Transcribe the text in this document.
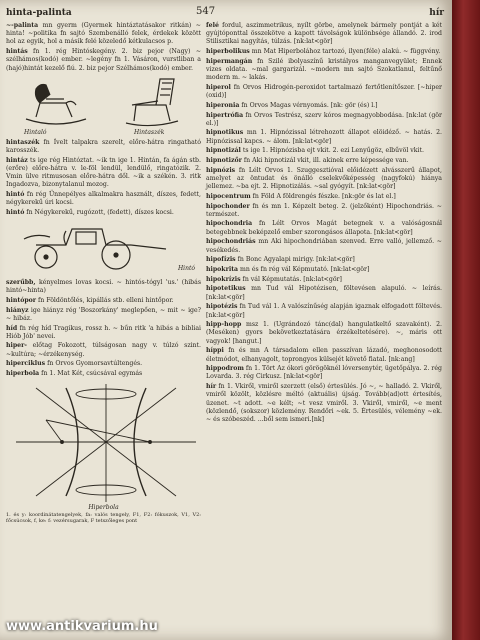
hinta-palinta	547	hír

~-palinta mn gyerm (Gyermek hintáztatásakor ritkán) ~ hinta! ~politika fn sajtó Szembenálló felek, érdekek között hol az egyik, hol a másik felé közeledő kétkulacsos p.

hintás fn 1. rég Hintóskegény. 2. biz pejor (Nagy) ~ szélhámos(kodó) ember. ~legény fn 1. Vásáron, vurstliban a (hajó)hintát kezelő fiú. 2. biz pejor Szélhámos(kodó) ember.

Hintaló	Hintaszék

hintaszék fn Ívelt talpakra szerelt, előre-hátra ringatható karosszék.

hintáz ts ige rég Hintóztat. ~ik tn ige 1. Hintán, fa ágán stb. (erőre) előre-hátra v. le-föl lendül, lendülő, ringatózik. 2. Vmin ülve ritmusosan előre-hátra dől. ~ik a székén. 3. ritk Ingadozva, bizonytalanul mozog.

hintó fn rég Ünnepélyes alkalmakra használt, díszes, fedett, négykerekű úri kocsi.

hintó fn Négykerekű, rugózott, (fedett), díszes kocsi.

Hintó

szerűbb, kényelmes lovas kocsi. ~ hintós-tógyl 'us.' (hibás hintó~hinta)

hintópor fn Földöntőlés, kipállás stb. elleni hintőpor.

hiányz ige hiányz rég 'Boszorkány' meglepően, ~ mit ~ ige? ~ hibáz.

híd fn rég híd Tragikus, rossz h. ~ bűn ritk 'a hibás a bibliai Hiób Jób' nevei.

hiper- előtag Fokozott, túlságosan nagy v. túlzó szint. ~kultúra; ~érzékenység.

hiperciklus fn Orvos Gyomorsavtúltengés.

hiperbola fn 1. Mat Két, csúcsával egymás

Hiperbola
1. és y: koordinátatengelyek, fa: valós tengely, F1, F2: fókuszok, V1, V2: főcsúcsok, f, ke: f: vezérsugarak, F tetszőleges pont

felé fordul, aszimmetrikus, nyílt görbe, amelynek bármely pontját a két gyújtóponttal összekötve a kapott távolságok különbsége állandó. 2. irod Stilisztikai nagyítás, túlzás. [nk:lat<gör]

hiperbolikus mn Mat Hiperbolához tartozó, ilyen(féle) alakú. ~ függvény.

hipermangán fn Szilé ibolyaszínű kristályos manganvegyület; Ennek vizes oldata. ~mal gargarizál. ~modern mn sajtó Szokatlanul, feltűnő modern m. ~ lakás.

hiperol fn Orvos Hidrogén-peroxidot tartalmazó fertőtlenítőszer. [~hiper (oxid)]

hiperonia fn Orvos Magas vérnyomás. [nk: gör (és) l.]

hipertrófia fn Orvos Testrész, szerv kóros megnagyobbodása. [nk:lat (gör el.)]

hipnotikus mn 1. Hipnózissal létrehozott állapot elöidéző. ~ hatás. 2. Hipnózissal kapcs. ~ álom. [nk:lat<gör]

hipnotizál ts ige 1. Hipnózisba ejt vkit. 2. ezi Lenyűgöz, elbűvöl vkit.

hipnotizőr fn Aki hipnotizál vkit, ill. akinek erre képessége van.

hipnózis fn Lélt Orvos 1. Szuggesztióval előidézett alvásszerű állapot, amelyet az öntudat és önálló cselekvőképesség (nagyfokú) hiánya jellemez. ~ba ejt. 2. Hipnotizálás. ~sal gyógyít. [nk:lat<gör]

hipocentrum fn Föld A földrengés fészke. [nk:gör és lat el.]

hipochonder fn és mn 1. Képzelt beteg. 2. (jelzőként) Hipochondriás. ~ természet.

hipochondria fn Lélt Orvos Magát betegnek v. a valóságosnál betegebbnek beképzelő ember szorongásos állapota. [nk:lat<gör]

hipochondriás mn Aki hipochondriában szenved. Erre valló, jellemző. ~ vesékedés.

hipofízis fn Bonc Agyalapi mirigy. [nk:lat<gör]

hipokrita mn és fn rég vál Képmutató. [nk:lat<gör]

hipokrízis fn vál Képmutatás. [nk:lat<gör]

hipotetikus mn Tud vál Hipotézisen, föltevésen alapuló. ~ leírás. [nk:lat<gör]

hipotézis fn Tud vál 1. A valószínűség alapján igaznak elfogadott föltevés. [nk:lat<gör]

hipp-hopp msz 1. (Ugrándozó tánc(dal) hangulatkeltő szavaként). 2. (Meséken) gyors bekövetkeztatására érzékeltetésére). ~, máris ott vagyok! [hangut.]

híppi fn és mn A társadalom ellen passzívan lázadó, meghonosodott életmódot, elhanyagolt, toprongyos külsejét követő fiatal. [nk:ang]

hippodrom fn 1. Tört Az ókori görögöknél lóversenytér, ügetőpálya. 2. rég Lovarda. 3. rég Cirkusz. [nk:lat<gör]

hír fn 1. Vkiről, vmiről szerzett (első) értesülés. Jó ~, ~ halladó. 2. Vkiről, vmiről közölt, közlésre méltó (aktuális) újság. Tovább(ad)ott értesítés, üzenet. ~t adott. ~e kélt; ~t vesz vmiről. 3. Vkiről, vmiről, ~e ment (közlendő, (sokszor) közlemény. Rendőri ~ek. 5. Értesülés, vélemény ~ek. ~ és szóbeszéd. ...ből sem ismeri.[nk]

www.antikvarium.hu
